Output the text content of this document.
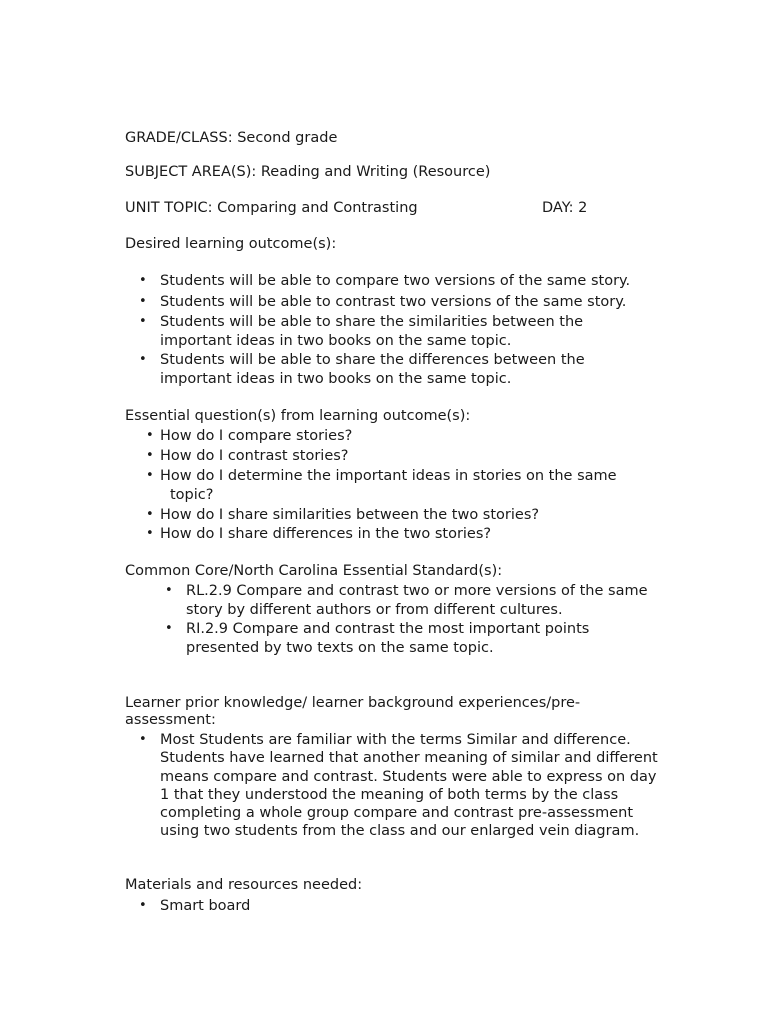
GRADE/CLASS: Second grade
SUBJECT AREA(S): Reading and Writing (Resource)
UNIT TOPIC: Comparing and Contrasting	DAY: 2
Desired learning outcome(s):
• Students will be able to compare two versions of the same story.
• Students will be able to contrast two versions of the same story.
• Students will be able to share the similarities between the
important ideas in two books on the same topic.
• Students will be able to share the differences between the
important ideas in two books on the same topic.
Essential question(s) from learning outcome(s):
• How do I compare stories?
• How do I contrast stories?
• How do I determine the important ideas in stories on the same
topic?
• How do I share similarities between the two stories?
• How do I share differences in the two stories?
Common Core/North Carolina Essential Standard(s):
• RL.2.9 Compare and contrast two or more versions of the same
story by different authors or from different cultures.
• RI.2.9 Compare and contrast the most important points
presented by two texts on the same topic.
Learner prior knowledge/ learner background experiences/pre-
assessment:
• Most Students are familiar with the terms Similar and difference.
Students have learned that another meaning of similar and different
means compare and contrast. Students were able to express on day
1 that they understood the meaning of both terms by the class
completing a whole group compare and contrast pre-assessment
using two students from the class and our enlarged vein diagram.
Materials and resources needed:
• Smart board
